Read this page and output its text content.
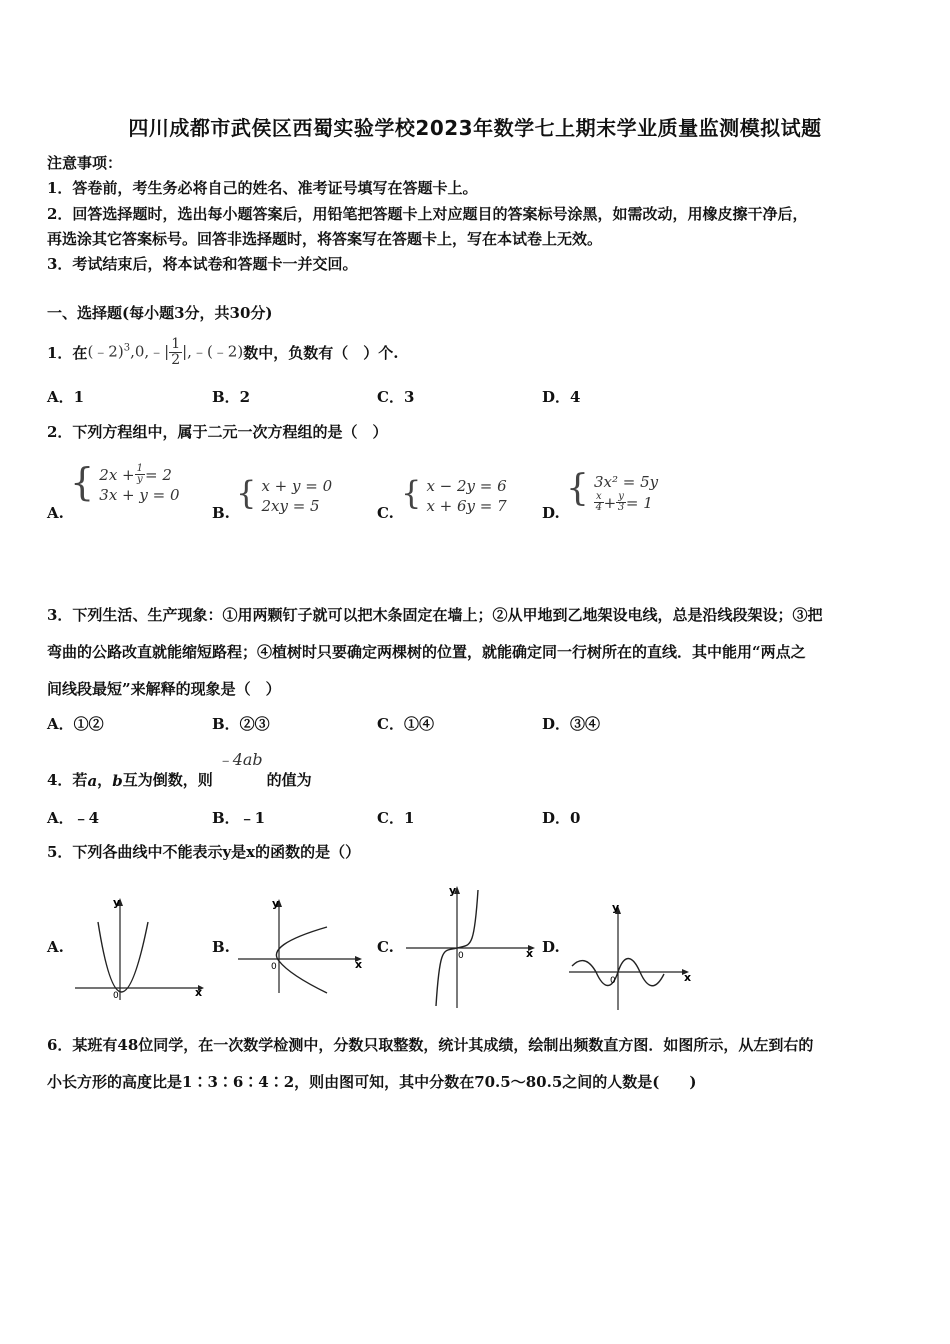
四川成都市武侯区西蜀实验学校2023年数学七上期末学业质量监测模拟试题
注意事项：
1．答卷前，考生务必将自己的姓名、准考证号填写在答题卡上。
2．回答选择题时，选出每小题答案后，用铅笔把答题卡上对应题目的答案标号涂黑，如需改动，用橡皮擦干净后，
再选涂其它答案标号。回答非选择题时，将答案写在答题卡上，写在本试卷上无效。
3．考试结束后，将本试卷和答题卡一并交回。
一、选择题(每小题3分，共30分)
1．在 (﹣2)$^3$,0,﹣| $\frac{1}{2}$ |,﹣(﹣2) 数中，负数有（　）个.
A．1	B．2	C．3	D．4
2．下列方程组中，属于二元一次方程组的是（　）
A.
{ $2x + \frac{1}{y} = 2$
3x + y = 0
B.
{ x + y = 0
2xy = 5	C.
{ x − 2y = 6
x + 6y = 7 D.
{ 3x² = 5y
$\frac{x}{4} + \frac{y}{3} = 1$
3．下列生活、生产现象：①用两颗钉子就可以把木条固定在墙上；②从甲地到乙地架设电线，总是沿线段架设；③把
弯曲的公路改直就能缩短路程；④植树时只要确定两棵树的位置，就能确定同一行树所在的直线．其中能用“两点之
间线段最短”来解释的现象是（　）
A．①②	B．②③	C．①④	D．③④
4．若 a ， b 互为倒数，则
﹣4ab
的值为
A．﹣4	B．﹣1	C．1	D．0
5．下列各曲线中不能表示y是x的函数的是（）
A.
y
x
0
B.
y
x
0
C.
y
x
0	D.
y
x
0
6．某班有48位同学，在一次数学检测中，分数只取整数，统计其成绩，绘制出频数直方图．如图所示，从左到右的
小长方形的高度比是1∶3∶6∶4∶2，则由图可知，其中分数在70.5～80.5之间的人数是(　　)
